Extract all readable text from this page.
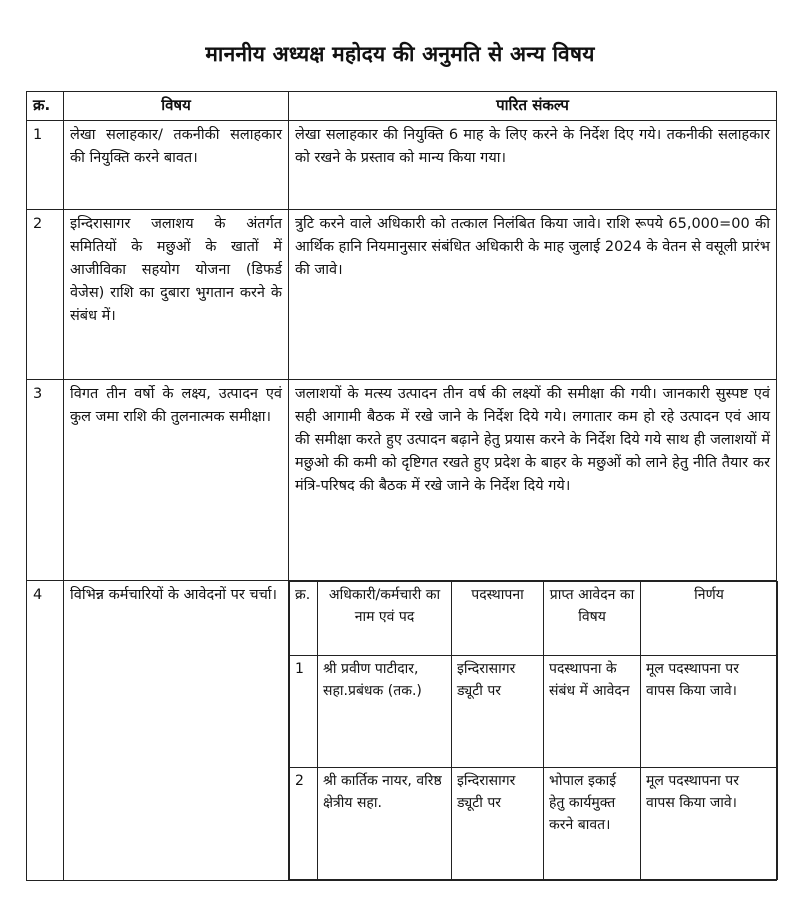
माननीय अध्यक्ष महोदय की अनुमति से अन्य विषय
क्र.	विषय	पारित संकल्प
1	लेखा सलाहकार/ तकनीकी सलाहकार की नियुक्ति करने बावत।	लेखा सलाहकार की नियुक्ति 6 माह के लिए करने के निर्देश दिए गये। तकनीकी सलाहकार को रखने के प्रस्ताव को मान्य किया गया।
2	इन्दिरासागर जलाशय के अंतर्गत समितियों के मछुओं के खातों में आजीविका सहयोग योजना (डिफर्ड वेजेस) राशि का दुबारा भुगतान करने के संबंध में।	त्रुटि करने वाले अधिकारी को तत्काल निलंबित किया जावे। राशि रूपये 65,000=00 की आर्थिक हानि नियमानुसार संबंधित अधिकारी के माह जुलाई 2024 के वेतन से वसूली प्रारंभ की जावे।
3	विगत तीन वर्षो के लक्ष्य, उत्पादन एवं कुल जमा राशि की तुलनात्मक समीक्षा।	जलाशयों के मत्स्य उत्पादन तीन वर्ष की लक्ष्यों की समीक्षा की गयी। जानकारी सुस्पष्ट एवं सही आगामी बैठक में रखे जाने के निर्देश दिये गये। लगातार कम हो रहे उत्पादन एवं आय की समीक्षा करते हुए उत्पादन बढ़ाने हेतु प्रयास करने के निर्देश दिये गये साथ ही जलाशयों में मछुओ की कमी को दृष्टिगत रखते हुए प्रदेश के बाहर के मछुओं को लाने हेतु नीति तैयार कर मंत्रि-परिषद की बैठक में रखे जाने के निर्देश दिये गये।
4	विभिन्न कर्मचारियों के आवेदनों पर चर्चा।	क्र.	अधिकारी/कर्मचारी का नाम एवं पद	पदस्थापना	प्राप्त आवेदन का विषय	निर्णय
1	श्री प्रवीण पाटीदार, सहा.प्रबंधक (तक.)	इन्दिरासागर ड्यूटी पर	पदस्थापना के संबंध में आवेदन	मूल पदस्थापना पर वापस किया जावे।
2	श्री कार्तिक नायर, वरिष्ठ क्षेत्रीय सहा.	इन्दिरासागर ड्यूटी पर	भोपाल इकाई हेतु कार्यमुक्त करने बावत।	मूल पदस्थापना पर वापस किया जावे।
